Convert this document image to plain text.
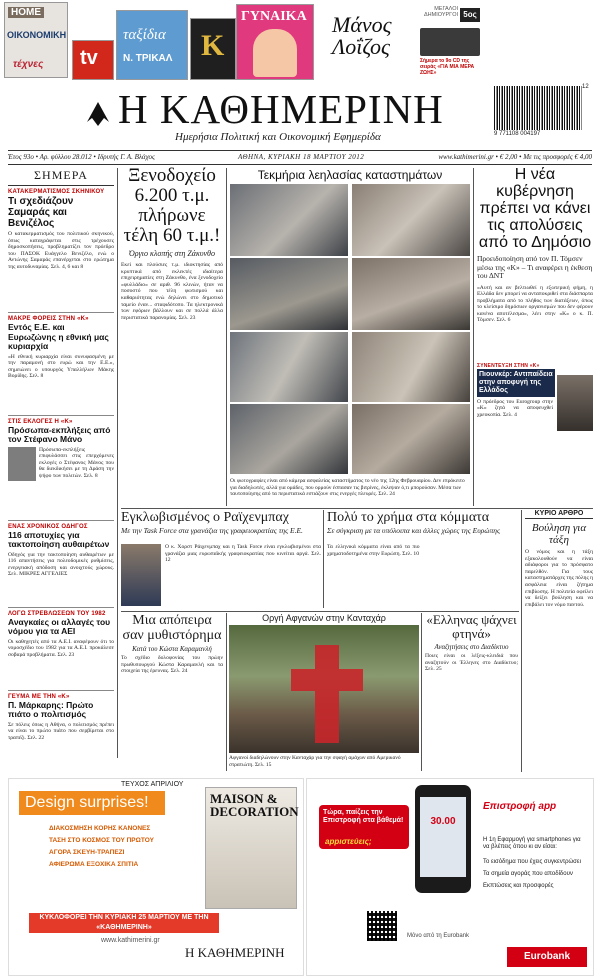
HOME
ΟΙΚΟΝΟΜΙΚΗ
τέχνες tv
ταξίδια
Ν. ΤΡΙΚΑΛ K
ΓΥΝΑΙΚΑ Μάνος Λοΐζος
ΜΕΓΑΛΟΙ ΔΗΜΙΟΥΡΓΟΙ 5ος
Σήμερα το 9ο CD της σειράς «ΓΙΑ ΜΙΑ ΜΕΡΑ ΖΩΗΣ»
12
9 771108 004197
Η ΚΑΘΗΜΕΡΙΝΗ
Ημερήσια Πολιτική και Οικονομική Εφημερίδα
Έτος 93ο • Αρ. φύλλου 28.012 • Ιδρυτής Γ. Α. Βλάχος	ΑΘΗΝΑ, ΚΥΡΙΑΚΗ 18 ΜΑΡΤΙΟΥ 2012	www.kathimerini.gr • € 2,00 • Με τις προσφορές € 4,00
ΣΗΜΕΡΑ
ΚΑΤΑΚΕΡΜΑΤΙΣΜΟΣ ΣΚΗΝΙΚΟΥ
Τι σχεδιάζουν Σαμαράς και Βενιζέλος
Ο κατακερματισμός του πολιτικού σκηνικού, όπως καταγράφεται στις τρέχουσες δημοσκοπήσεις, προβληματίζει τον πρόεδρο του ΠΑΣΟΚ Ευάγγελο Βενιζέλο, ενώ ο Αντώνης Σαμαράς επανέρχεται στο ερώτημα της αυτοδυναμίας. Σελ. 4, 6 και 8
ΜΑΚΡΕ ΦΟΡΕΙΣ ΣΤΗΝ «Κ»
Εντός Ε.Ε. και Ευρωζώνης η εθνική μας κυριαρχία
«Η εθνική κυριαρχία είναι συνυφασμένη με την παραμονή στο ευρώ και την Ε.Ε.», σημειώνει ο υπουργός Υπαλλήλων Μάκης Βορίδης. Σελ. 8
ΣΤΙΣ ΕΚΛΟΓΕΣ Η «Κ»
Πρόσωπα-εκπλήξεις από τον Στέφανο Μάνο
Πρόσωπα-εκπλήξεις επιφυλάσσει στις επερχόμενες εκλογές ο Στέφανος Μάνος που θα διεκδικήσει με τη Δράση την ψήφο των πολιτών. Σελ. 8
ΕΝΑΣ ΧΡΟΝΙΚΟΣ ΟΔΗΓΟΣ
116 αποτυχίες για τακτοποίηση αυθαιρέτων
Οδηγός για την τακτοποίηση αυθαιρέτων με 116 απαντήσεις για πολεοδομικές ρυθμίσεις, ενεργειακή απόδοση και ανοιχτούς χώρους. Σελ. ΜΙΚΡΕΣ ΑΓΓΕΛΙΕΣ
ΛΟΓΩ ΣΤΡΕΒΛΩΣΕΩΝ ΤΟΥ 1982
Αναγκαίες οι αλλαγές του νόμου για τα ΑΕΙ
Οι καθηγητές από τα Α.Ε.Ι. αναφέρουν ότι το νομοσχέδιο του 1982 για τα Α.Ε.Ι. προκάλεσε σοβαρά προβλήματα. Σελ. 23
ΓΕΥΜΑ ΜΕ ΤΗΝ «Κ»
Π. Μάρκαρης: Πρώτο πιάτο ο πολιτισμός
Σε πόλεις όπως η Αθήνα, ο πολιτισμός πρέπει να είναι το πρώτο πιάτο που σερβίρεται στο τραπέζι. Σελ. 22
Ξενοδοχείο 6.200 τ.μ. πλήρωνε τέλη 60 τ.μ.!
Όργιο κλοπής στη Ζάκυνθο
Εκεί και πλούσιες τ.μ. ιδιοκτησίας από κρυπτικά από εκλεκτές ιδιαίτερα επιχειρηματίες στη Ζάκυνθο, ένα ξενοδοχείο «φυλλάδιο» σε αριθ. 96 κλινών, ήταν να ποσοστό που τέλη φωτισμού και καθαριότητας ενώ δηλώνει στο δημοτικό ταμείο έναν... σταφιδότοπο. Τα ηλεκτρονικά των εφόρων βάλλουν και σε πολλά άλλα περιστατικά παρανομίας. Σελ. 23
Τεκμήρια λεηλασίας καταστημάτων
Οι φωτογραφίες είναι από κάμερα ασφαλείας καταστήματος το νέο της 12ης Φεβρουαρίου. Δεν επρόκειτο για διαδηλωτές, αλλά για ομάδες, που ορμούν έσπασαν τις βιτρίνες, έκλεψαν ό,τι μπορούσαν. Μέσα των ταυτοποίησης από τα περιστατικά εστιάζουν στις ενεργές πλευρές. Σελ. 24
Η νέα κυβέρνηση πρέπει να κάνει τις απολύσεις από το Δημόσιο
Προειδοποίηση από τον Π. Τόμσεν μέσω της «Κ» – Τι αναφέρει η έκθεση του ΔΝΤ
«Αυτή και αν βελτιωθεί η εξωτερική φήμη, η Ελλάδα δεν μπορεί να ανταποκριθεί στα διάσπαρτα προβλήματα από το πλήθος των διατάξεων, όπως το κλείσιμο δημόσιων οργανισμών που δεν φέρουν κανένα αποτέλεσμα», λέει στην «Κ» ο κ. Π. Τόμσεν. Σελ. 6
ΣΥΝΕΝΤΕΥΞΗ ΣΤΗΝ «Κ»
Πιουνκέρ: Αντιπαίδεια στην αποφυγή της Ελλάδος
Ο πρόεδρος του Eurogroup στην «Κ» ζητά να αποφευχθεί χρεοκοπία. Σελ. 4
Εγκλωβισμένος ο Ραϊχενμπαχ
Με την Task Force στα γρανάζια της γραφειοκρατίας της Ε.Ε.
Ο κ. Χορστ Ράιχενμπαχ και η Task Force είναι εγκλωβισμένοι στα γρανάζια μιας ευρωπαϊκής γραφειοκρατίας που κινείται αργά. Σελ. 12
Πολύ το χρήμα στα κόμματα
Σε σύγκριση με τα υπόλοιπα και άλλες χώρες της Ευρώπης
Τα ελληνικά κόμματα είναι από τα πιο χρηματοδοτημένα στην Ευρώπη. Σελ. 10
ΚΥΡΙΟ ΑΡΘΡΟ
Βούληση για τάξη
Ο νόμος και η τάξη εξακολουθούν να είναι αδιάφοροι για το πρόσφατο παρελθόν. Για τους καταστηματάρχες της πόλης η ασφάλεια είναι ζήτημα επιβίωσης. Η πολιτεία οφείλει να δείξει βούληση και να επιβάλει τον νόμο παντού.
Μια απόπειρα σαν μυθιστόρημα
Κατά του Κώστα Καραμανλή
Το σχέδιο δολοφονίας του πρώην πρωθυπουργού Κώστα Καραμανλή και τα στοιχεία της έρευνας. Σελ. 24
Οργή Αφγανών στην Κανταχάρ
Αφγανοί διαδηλώνουν στην Κανταχάρ για την σφαγή αμάχων από Αμερικανό στρατιώτη. Σελ. 15
«Ελληνας ψάχνει φτηνά»
Αναζητήσεις στο Διαδίκτυο
Ποιες είναι οι λέξεις-κλειδιά που αναζητούν οι Έλληνες στο Διαδίκτυο; Σελ. 25
ΤΕΥΧΟΣ ΑΠΡΙΛΙΟΥ
Design surprises!
ΔΙΑΚΟΣΜΗΣΗ ΚΟΡΗΣ ΚΑΝΟΝΕΣ
ΤΑΣΗ ΣΤΟ ΚΟΣΜΟΣ ΤΟΥ ΠΡΩΤΟΥ
ΑΓΟΡΑ ΣΚΕΥΗ-ΤΡΑΠΕΖΙ
ΑΦΙΕΡΩΜΑ ΕΞΟΧΙΚΑ ΣΠΙΤΙΑ
MAISON & DECORATION
ΚΥΚΛΟΦΟΡΕΙ ΤΗΝ ΚΥΡΙΑΚΗ 25 ΜΑΡΤΙΟΥ ΜΕ ΤΗΝ «ΚΑΘΗΜΕΡΙΝΗ»
www.kathimerini.gr
Η ΚΑΘΗΜΕΡΙΝΗ
30.00
Τώρα, παίζεις την Επιστροφή στα βάθεμά!
appιστεύεις;
Επιστροφή app
Η 1η Εφαρμογή για smartphones για να βλέπεις όπου κι αν είσαι:
Το εισόδημα που έχεις συγκεντρώσει
Τα σημεία αγοράς που αποδίδουν
Εκπτώσεις και προσφορές
Μόνο από τη Eurobank
Eurobank
